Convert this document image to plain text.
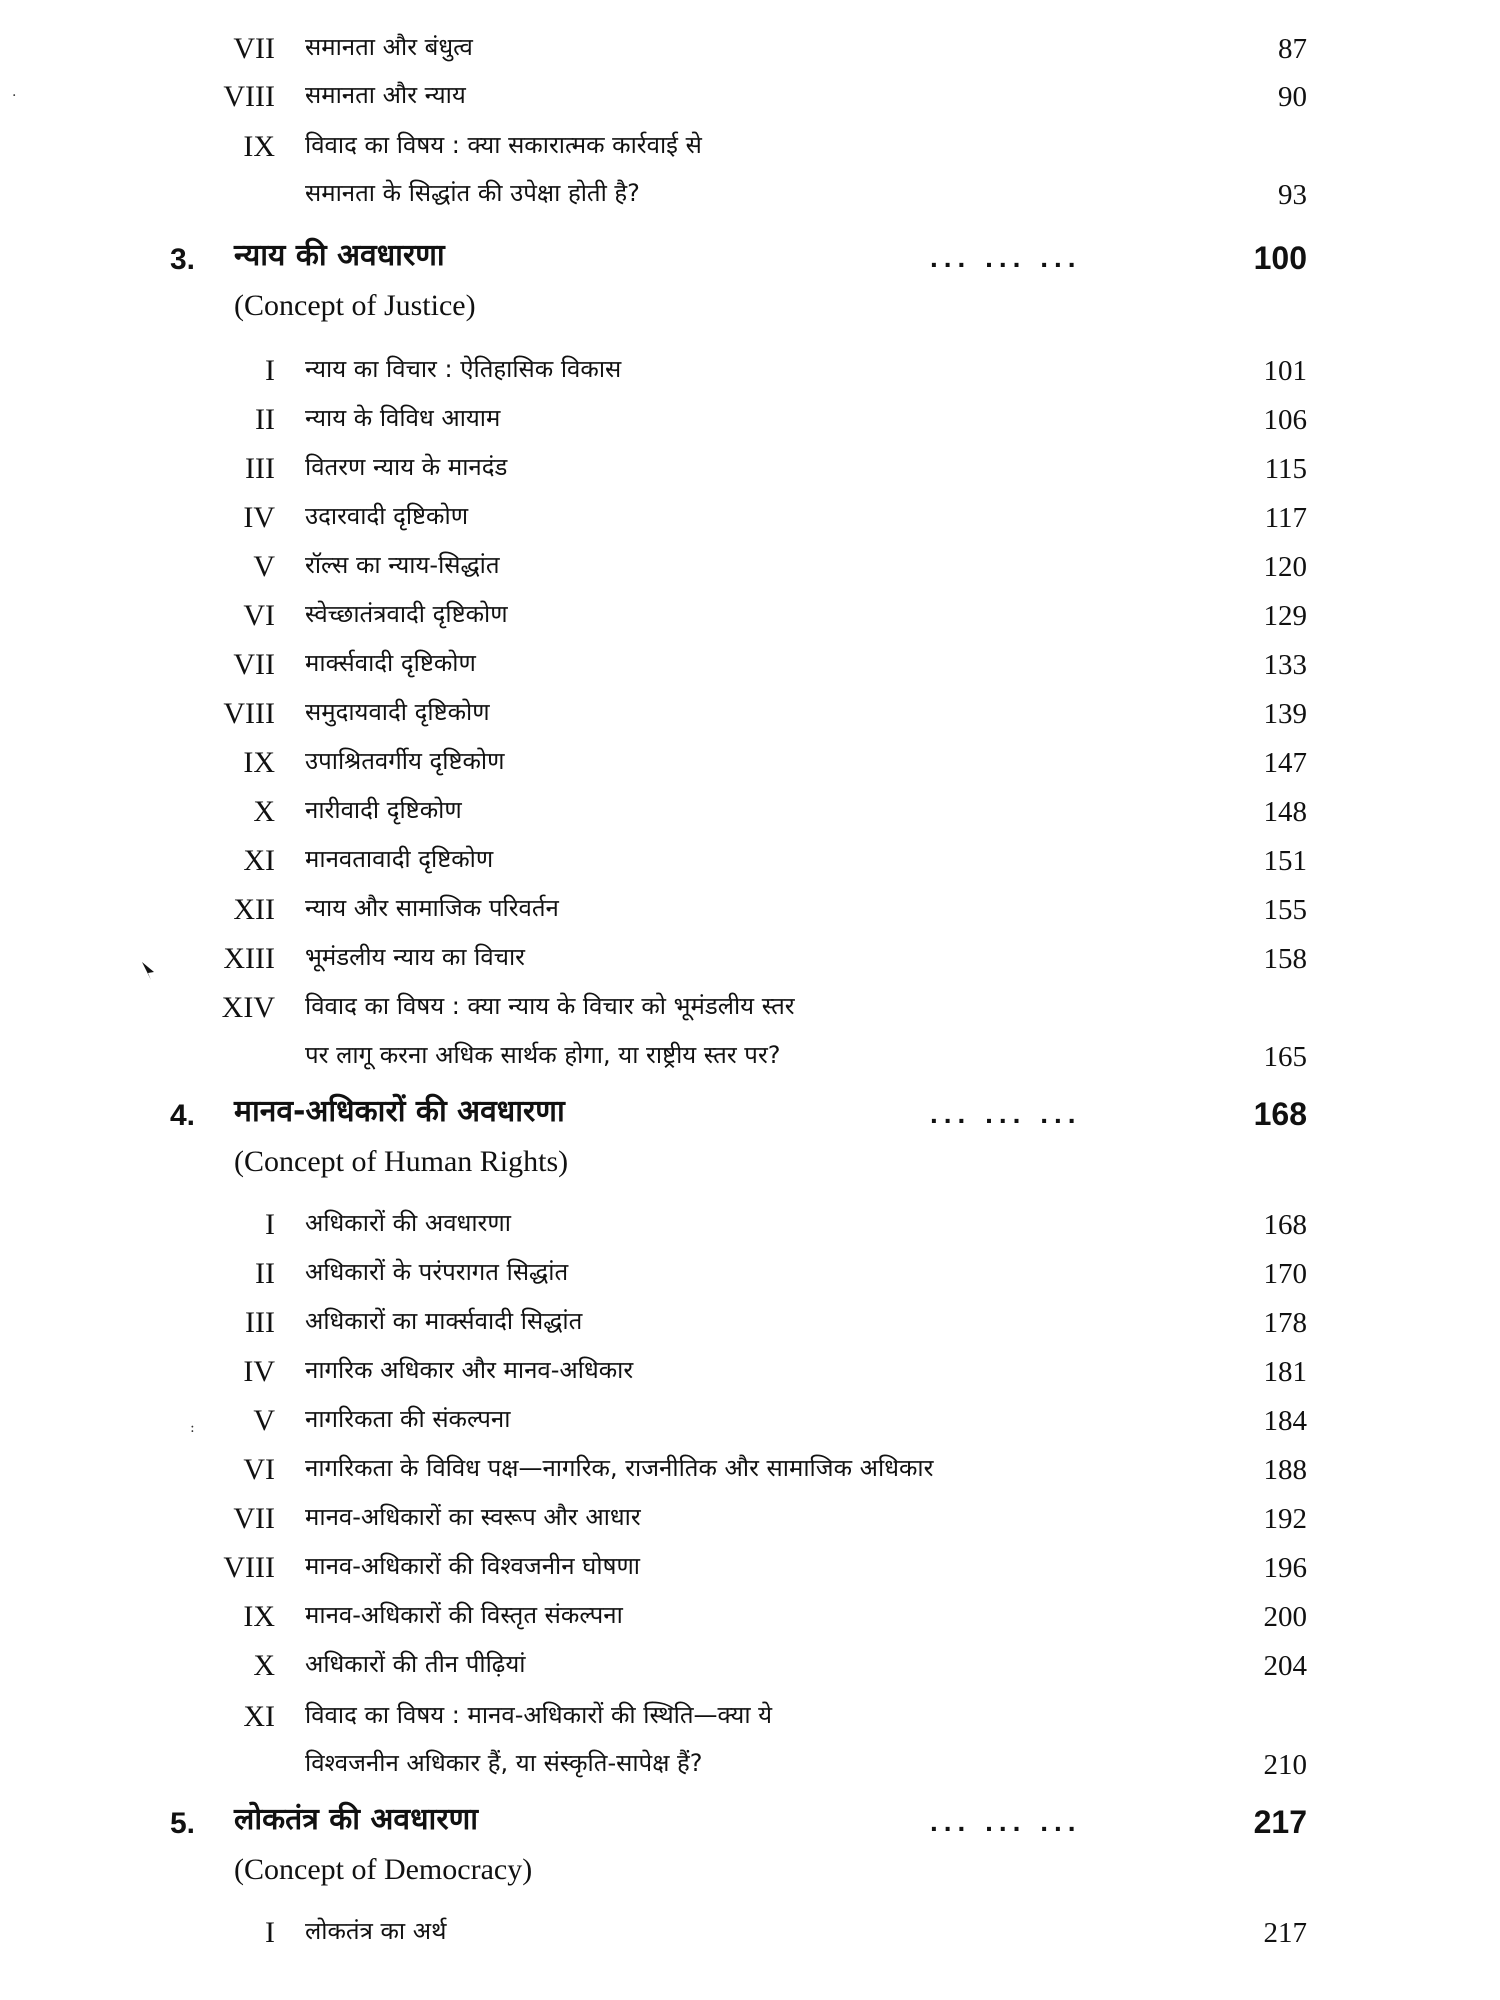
VII समानता और बंधुत्व	87
VIII समानता और न्याय	90
IX विवाद का विषय : क्या सकारात्मक कार्रवाई से
समानता के सिद्धांत की उपेक्षा होती है?	93
3. न्याय की अवधारणा	... ... ...	100
(Concept of Justice)
I न्याय का विचार : ऐतिहासिक विकास	101
II न्याय के विविध आयाम	106
III वितरण न्याय के मानदंड	115
IV उदारवादी दृष्टिकोण	117
V रॉल्स का न्याय-सिद्धांत	120
VI स्वेच्छातंत्रवादी दृष्टिकोण	129
VII मार्क्सवादी दृष्टिकोण	133
VIII समुदायवादी दृष्टिकोण	139
IX उपाश्रितवर्गीय दृष्टिकोण	147
X नारीवादी दृष्टिकोण	148
XI मानवतावादी दृष्टिकोण	151
XII न्याय और सामाजिक परिवर्तन	155
XIII भूमंडलीय न्याय का विचार	158
XIV विवाद का विषय : क्या न्याय के विचार को भूमंडलीय स्तर
पर लागू करना अधिक सार्थक होगा, या राष्ट्रीय स्तर पर?	165
4. मानव-अधिकारों की अवधारणा	... ... ...	168
(Concept of Human Rights)
I अधिकारों की अवधारणा	168
II अधिकारों के परंपरागत सिद्धांत	170
III अधिकारों का मार्क्सवादी सिद्धांत	178
IV नागरिक अधिकार और मानव-अधिकार	181
V नागरिकता की संकल्पना	184
VI नागरिकता के विविध पक्ष—नागरिक, राजनीतिक और सामाजिक अधिकार	188
VII मानव-अधिकारों का स्वरूप और आधार	192
VIII मानव-अधिकारों की विश्वजनीन घोषणा	196
IX मानव-अधिकारों की विस्तृत संकल्पना	200
X अधिकारों की तीन पीढ़ियां	204
XI विवाद का विषय : मानव-अधिकारों की स्थिति—क्या ये
विश्वजनीन अधिकार हैं, या संस्कृति-सापेक्ष हैं?	210
5. लोकतंत्र की अवधारणा	... ... ...	217
(Concept of Democracy)
I लोकतंत्र का अर्थ	217
·
:
